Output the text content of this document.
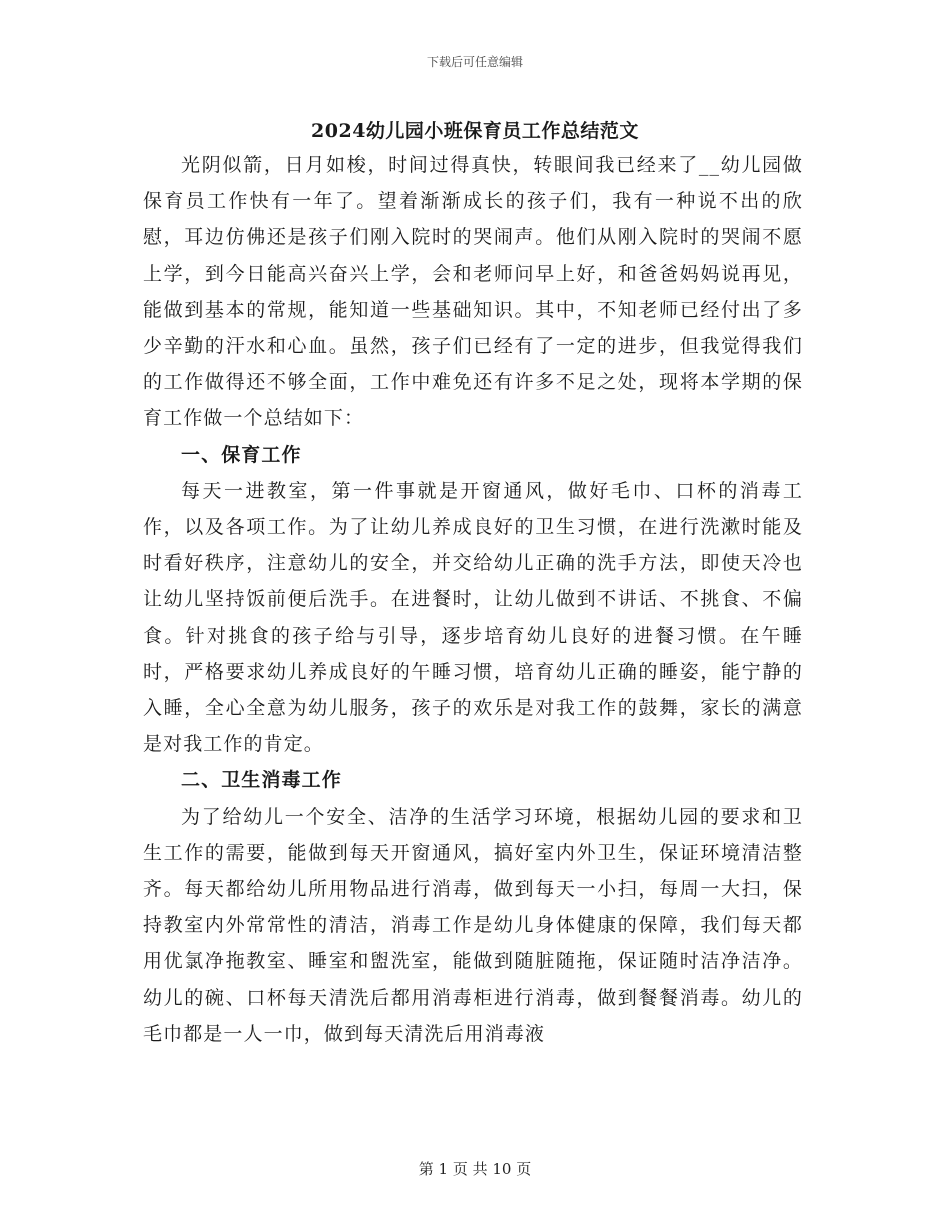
下载后可任意编辑
2024幼儿园小班保育员工作总结范文

光阴似箭，日月如梭，时间过得真快，转眼间我已经来了__幼儿园做保育员工作快有一年了。望着渐渐成长的孩子们，我有一种说不出的欣慰，耳边仿佛还是孩子们刚入院时的哭闹声。他们从刚入院时的哭闹不愿上学，到今日能高兴奋兴上学，会和老师问早上好，和爸爸妈妈说再见，能做到基本的常规，能知道一些基础知识。其中，不知老师已经付出了多少辛勤的汗水和心血。虽然，孩子们已经有了一定的进步，但我觉得我们的工作做得还不够全面，工作中难免还有许多不足之处，现将本学期的保育工作做一个总结如下：

一、保育工作

每天一进教室，第一件事就是开窗通风，做好毛巾、口杯的消毒工作，以及各项工作。为了让幼儿养成良好的卫生习惯，在进行洗漱时能及时看好秩序，注意幼儿的安全，并交给幼儿正确的洗手方法，即使天冷也让幼儿坚持饭前便后洗手。在进餐时，让幼儿做到不讲话、不挑食、不偏食。针对挑食的孩子给与引导，逐步培育幼儿良好的进餐习惯。在午睡时，严格要求幼儿养成良好的午睡习惯，培育幼儿正确的睡姿，能宁静的入睡，全心全意为幼儿服务，孩子的欢乐是对我工作的鼓舞，家长的满意是对我工作的肯定。

二、卫生消毒工作

为了给幼儿一个安全、洁净的生活学习环境，根据幼儿园的要求和卫生工作的需要，能做到每天开窗通风，搞好室内外卫生，保证环境清洁整齐。每天都给幼儿所用物品进行消毒，做到每天一小扫，每周一大扫，保持教室内外常常性的清洁，消毒工作是幼儿身体健康的保障，我们每天都用优氯净拖教室、睡室和盥洗室，能做到随脏随拖，保证随时洁净洁净。幼儿的碗、口杯每天清洗后都用消毒柜进行消毒，做到餐餐消毒。幼儿的毛巾都是一人一巾，做到每天清洗后用消毒液

第 1 页 共 10 页
